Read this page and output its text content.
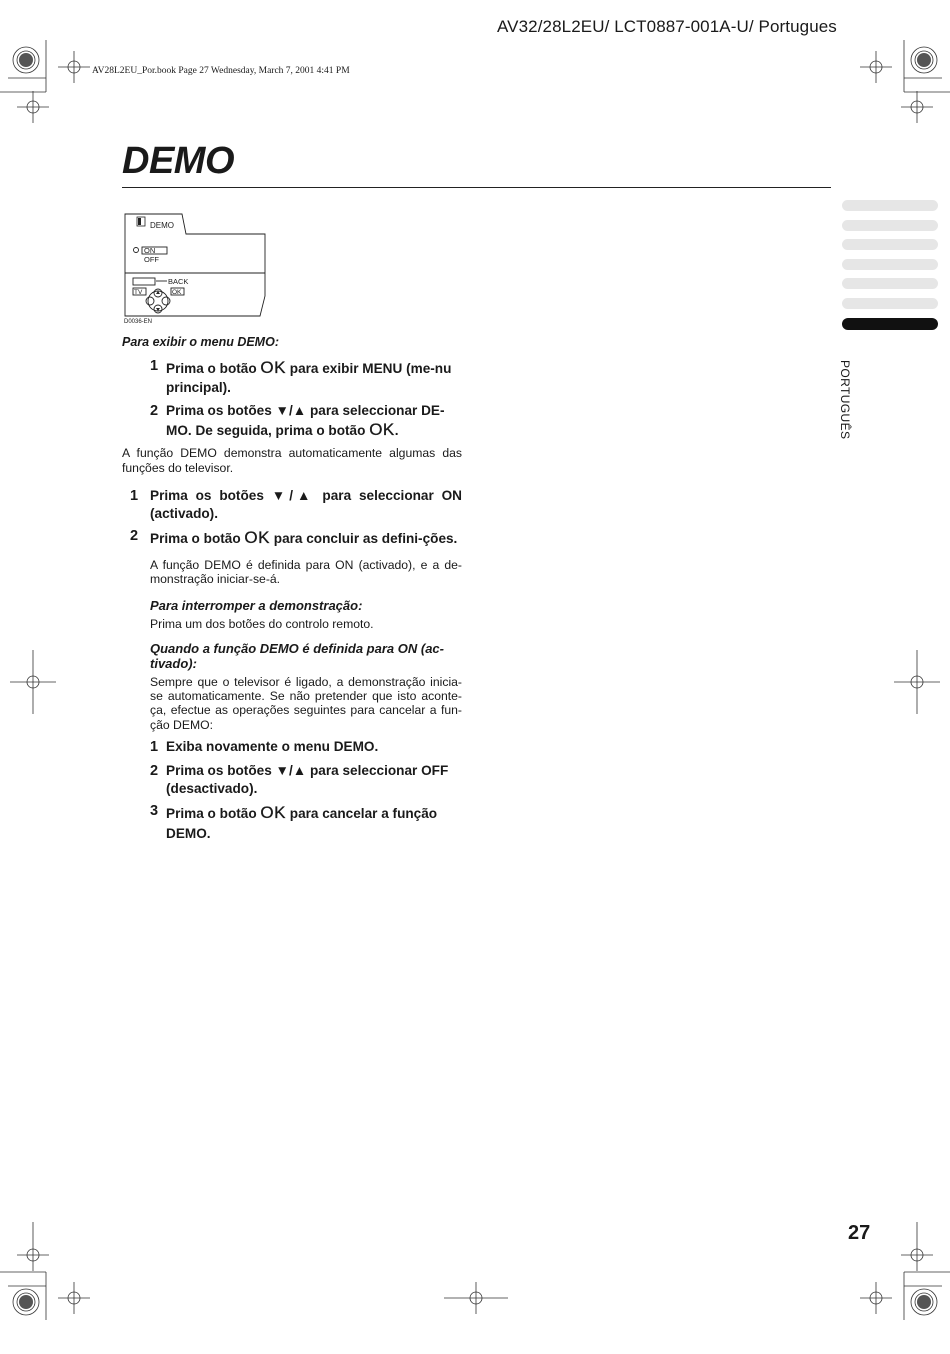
AV32/28L2EU/ LCT0887-001A-U/ Portugues
AV28L2EU_Por.book Page 27 Wednesday, March 7, 2001 4:41 PM
DEMO
PORTUGUÊS
DEMO
ON
OFF
BACK
TV	OK
D0036-EN
Para exibir o menu DEMO:
1 Prima o botão OK para exibir MENU (me-nu principal).
2 Prima os botões ▼/▲ para seleccionar DE-MO. De seguida, prima o botão OK.
A função DEMO demonstra automaticamente algumas das funções do televisor.
1 Prima os botões ▼/▲ para seleccionar ON (activado).
2 Prima o botão OK para concluir as defini-ções.
A função DEMO é definida para ON (activado), e a de-monstração iniciar-se-á.
Para interromper a demonstração:
Prima um dos botões do controlo remoto.
Quando a função DEMO é definida para ON (ac-tivado):
Sempre que o televisor é ligado, a demonstração inicia-se automaticamente. Se não pretender que isto aconte-ça, efectue as operações seguintes para cancelar a fun-ção DEMO:
1 Exiba novamente o menu DEMO.
2 Prima os botões ▼/▲ para seleccionar OFF (desactivado).
3 Prima o botão OK para cancelar a função DEMO.
27
